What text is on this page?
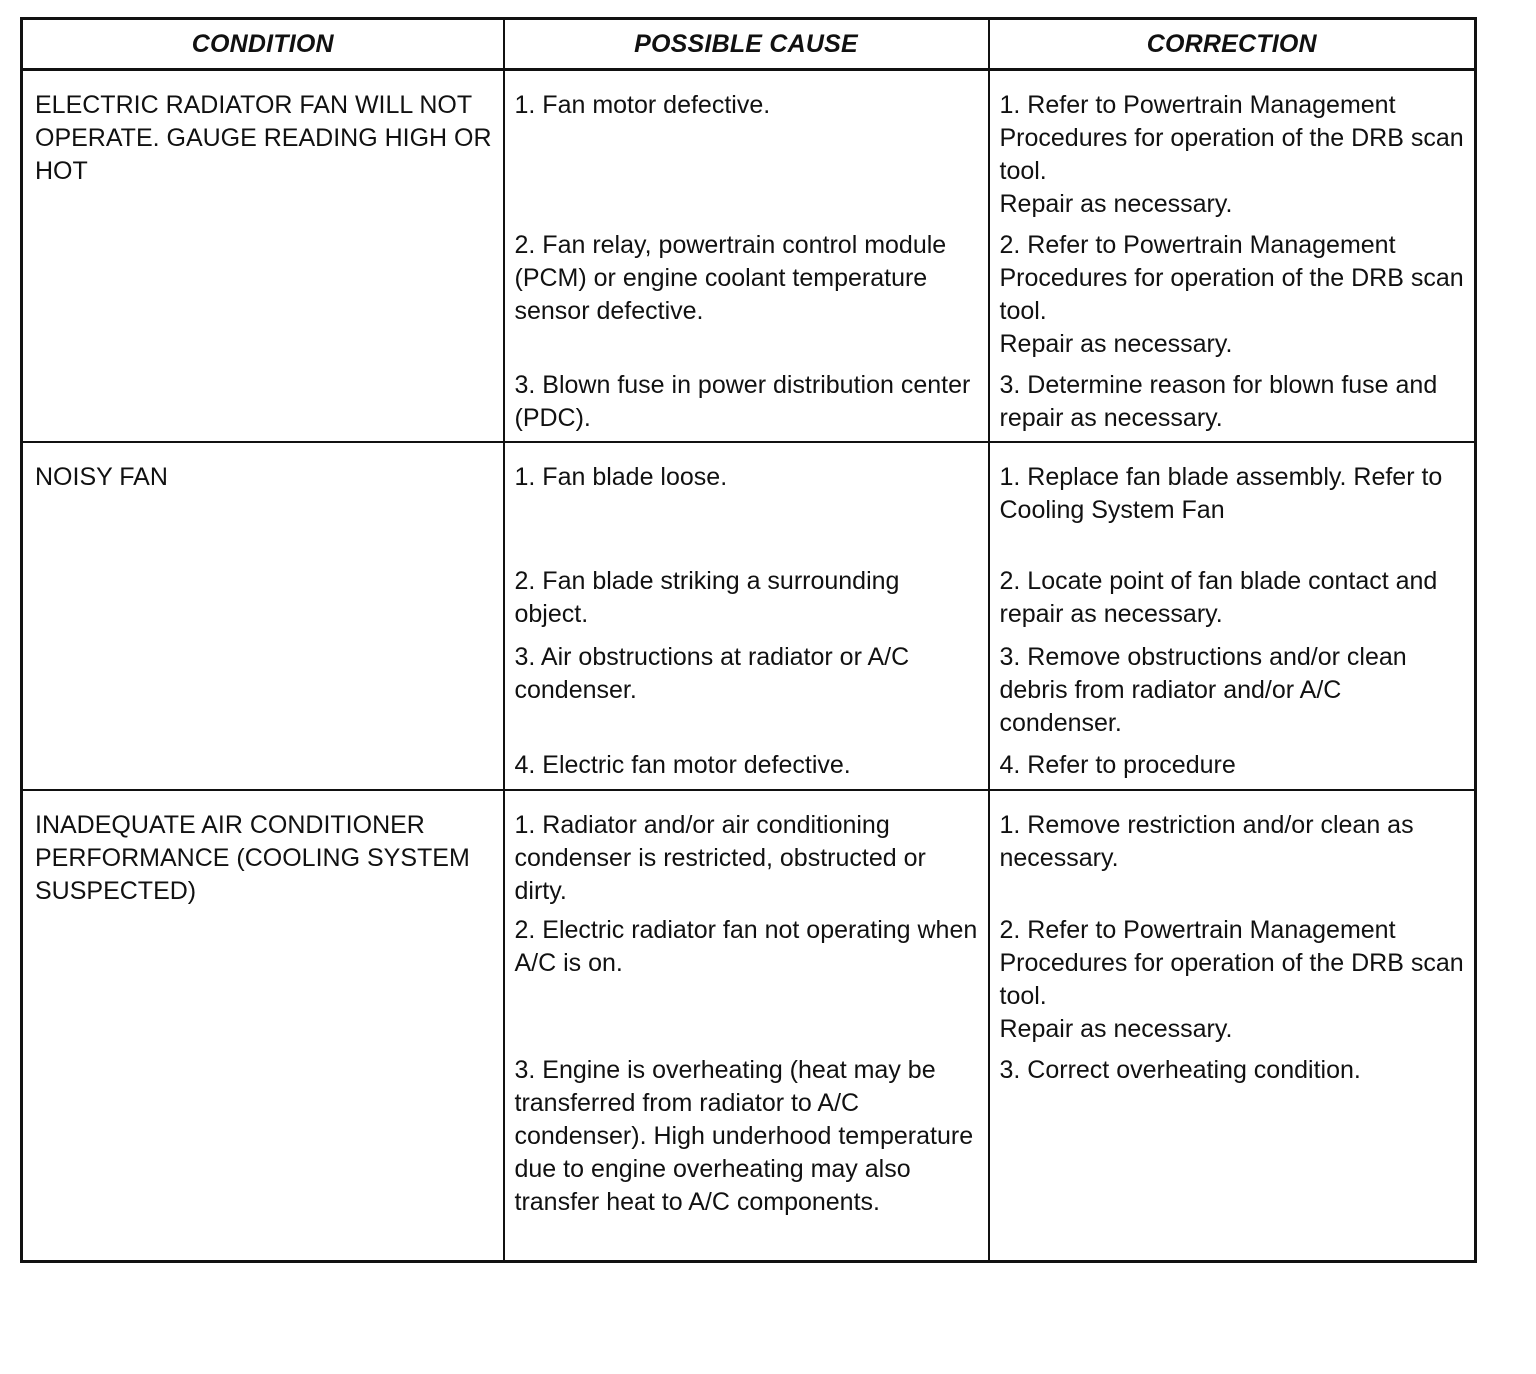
CONDITION	POSSIBLE CAUSE	CORRECTION

ELECTRIC RADIATOR FAN WILL NOT OPERATE. GAUGE READING HIGH OR HOT	1. Fan motor defective.	1. Refer to Powertrain Management Procedures for operation of the DRB scan tool.
Repair as necessary.

	2. Fan relay, powertrain control module (PCM) or engine coolant temperature sensor defective.	2. Refer to Powertrain Management Procedures for operation of the DRB scan tool.
Repair as necessary.

	3. Blown fuse in power distribution center (PDC).	3. Determine reason for blown fuse and repair as necessary.

NOISY FAN	1. Fan blade loose.	1. Replace fan blade assembly. Refer to Cooling System Fan

	2. Fan blade striking a surrounding object.	2. Locate point of fan blade contact and repair as necessary.

	3. Air obstructions at radiator or A/C condenser.	3. Remove obstructions and/or clean debris from radiator and/or A/C condenser.

	4. Electric fan motor defective.	4. Refer to procedure

INADEQUATE AIR CONDITIONER PERFORMANCE (COOLING SYSTEM SUSPECTED)	1. Radiator and/or air conditioning condenser is restricted, obstructed or dirty.	1. Remove restriction and/or clean as necessary.

	2. Electric radiator fan not operating when A/C is on.	2. Refer to Powertrain Management Procedures for operation of the DRB scan tool.
Repair as necessary.

	3. Engine is overheating (heat may be transferred from radiator to A/C condenser). High underhood temperature due to engine overheating may also transfer heat to A/C components.	3. Correct overheating condition.
